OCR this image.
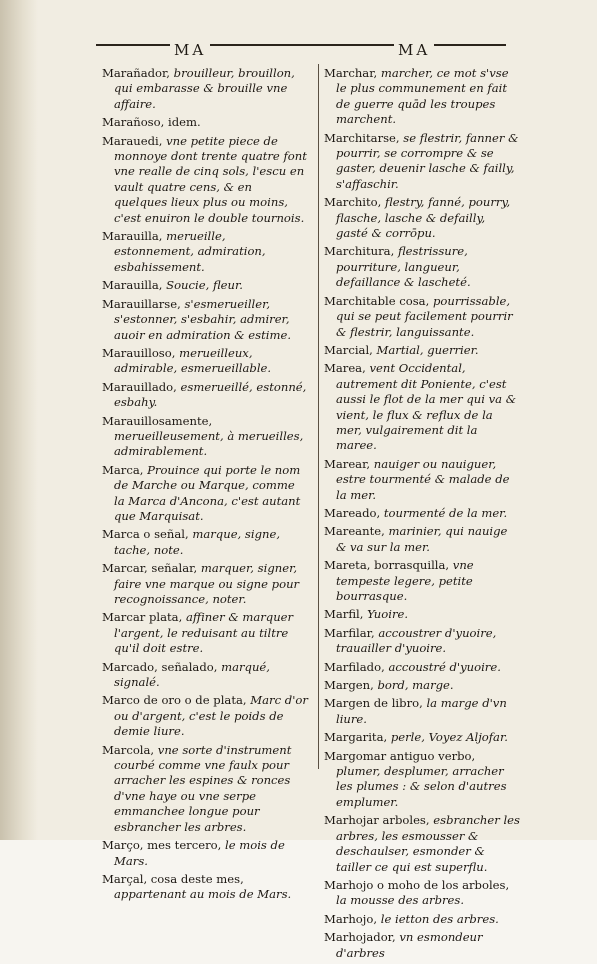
MA	MA

Marañador, brouilleur, brouillon, qui embarasse & brouille vne affaire.

Marañoso, idem.

Marauedi, vne petite piece de monnoye dont trente quatre font vne realle de cinq sols, l'escu en vault quatre cens, & en quelques lieux plus ou moins, c'est enuiron le double tournois.

Marauilla, merueille, estonnement, admiration, esbahissement.

Marauilla, Soucie, fleur.

Marauillarse, s'esmerueiller, s'estonner, s'esbahir, admirer, auoir en admiration & estime.

Marauilloso, merueilleux, admirable, esmerueillable.

Marauillado, esmerueillé, estonné, esbahy.

Marauillosamente, merueilleusement, à merueilles, admirablement.

Marca, Prouince qui porte le nom de Marche ou Marque, comme la Marca d'Ancona, c'est autant que Marquisat.

Marca o señal, marque, signe, tache, note.

Marcar, señalar, marquer, signer, faire vne marque ou signe pour recognoissance, noter.

Marcar plata, affiner & marquer l'argent, le reduisant au tiltre qu'il doit estre.

Marcado, señalado, marqué, signalé.

Marco de oro o de plata, Marc d'or ou d'argent, c'est le poids de demie liure.

Marcola, vne sorte d'instrument courbé comme vne faulx pour arracher les espines & ronces d'vne haye ou vne serpe emmanchee longue pour esbrancher les arbres.

Março, mes tercero, le mois de Mars.

Marçal, cosa deste mes, appartenant au mois de Mars.

Marchar, marcher, ce mot s'vse le plus communement en fait de guerre quād les troupes marchent.

Marchitarse, se flestrir, fanner & pourrir, se corrompre & se gaster, deuenir lasche & failly, s'affaschir.

Marchito, flestry, fanné, pourry, flasche, lasche & defailly, gasté & corrōpu.

Marchitura, flestrissure, pourriture, langueur, defaillance & lascheté.

Marchitable cosa, pourrissable, qui se peut facilement pourrir & flestrir, languissante.

Marcial, Martial, guerrier.

Marea, vent Occidental, autrement dit Poniente, c'est aussi le flot de la mer qui va & vient, le flux & reflux de la mer, vulgairement dit la maree.

Marear, nauiger ou nauiguer, estre tourmenté & malade de la mer.

Mareado, tourmenté de la mer.

Mareante, marinier, qui nauige & va sur la mer.

Mareta, borrasquilla, vne tempeste legere, petite bourrasque.

Marfil, Yuoire.

Marfilar, accoustrer d'yuoire, trauailler d'yuoire.

Marfilado, accoustré d'yuoire.

Margen, bord, marge.

Margen de libro, la marge d'vn liure.

Margarita, perle, Voyez Aljofar.

Margomar antiguo verbo, plumer, desplumer, arracher les plumes : & selon d'autres emplumer.

Marhojar arboles, esbrancher les arbres, les esmousser & deschaulser, esmonder & tailler ce qui est superflu.

Marhojo o moho de los arboles, la mousse des arbres.

Marhojo, le ietton des arbres.

Marhojador, vn esmondeur d'arbres
